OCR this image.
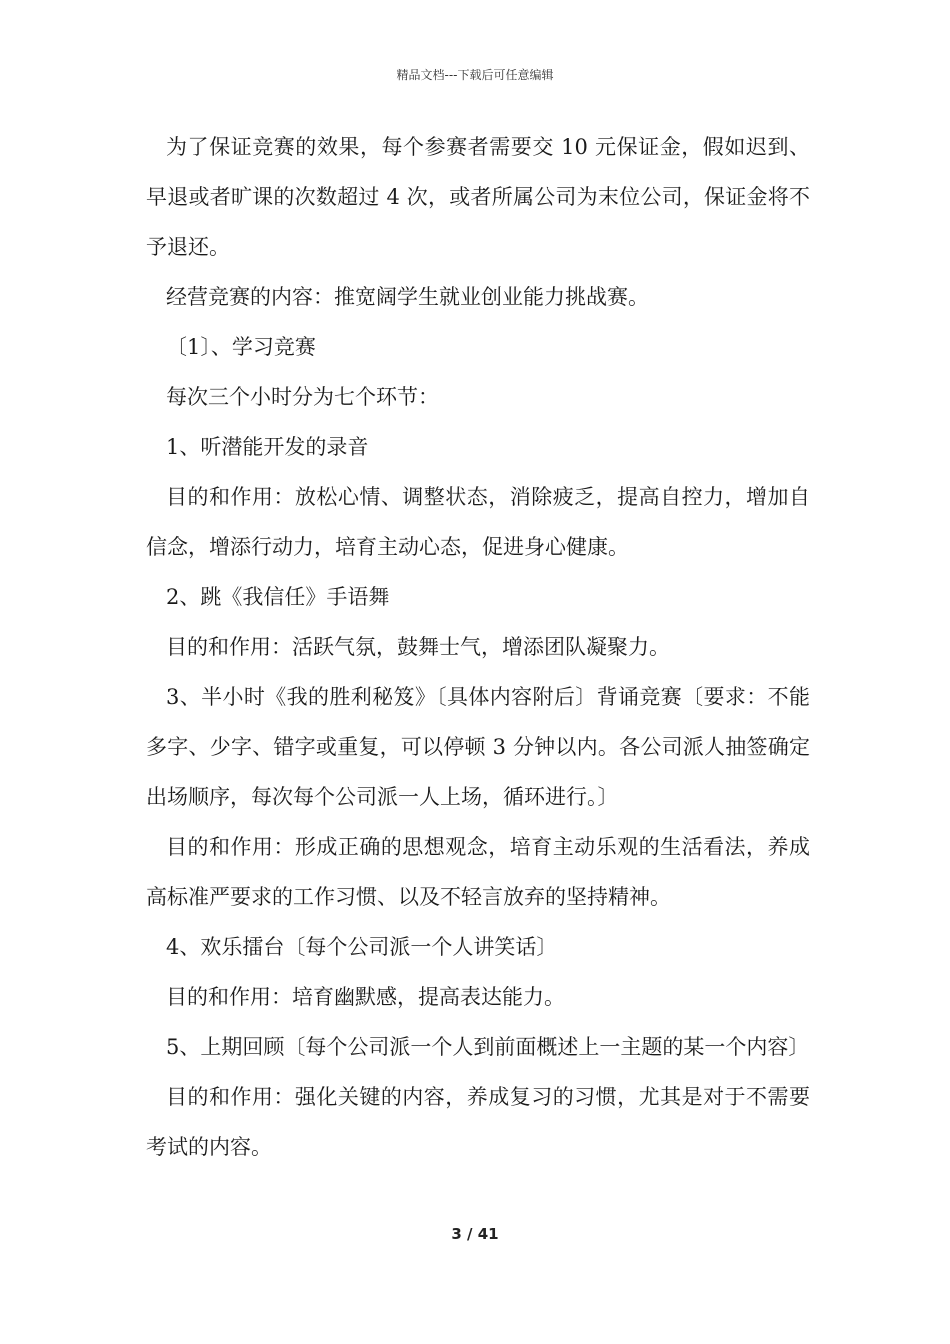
精品文档---下载后可任意编辑

为了保证竞赛的效果，每个参赛者需要交 10 元保证金，假如迟到、早退或者旷课的次数超过 4 次，或者所属公司为末位公司，保证金将不予退还。

经营竞赛的内容：推宽阔学生就业创业能力挑战赛。

〔1〕、学习竞赛

每次三个小时分为七个环节：

1、听潜能开发的录音

目的和作用：放松心情、调整状态，消除疲乏，提高自控力，增加自信念，增添行动力，培育主动心态，促进身心健康。

2、跳《我信任》手语舞

目的和作用：活跃气氛，鼓舞士气，增添团队凝聚力。

3、半小时《我的胜利秘笈》〔具体内容附后〕背诵竞赛〔要求：不能多字、少字、错字或重复，可以停顿 3 分钟以内。各公司派人抽签确定出场顺序，每次每个公司派一人上场，循环进行。〕

目的和作用：形成正确的思想观念，培育主动乐观的生活看法，养成高标准严要求的工作习惯、以及不轻言放弃的坚持精神。

4、欢乐擂台〔每个公司派一个人讲笑话〕

目的和作用：培育幽默感，提高表达能力。

5、上期回顾〔每个公司派一个人到前面概述上一主题的某一个内容〕

目的和作用：强化关键的内容，养成复习的习惯，尤其是对于不需要考试的内容。

3 / 41
